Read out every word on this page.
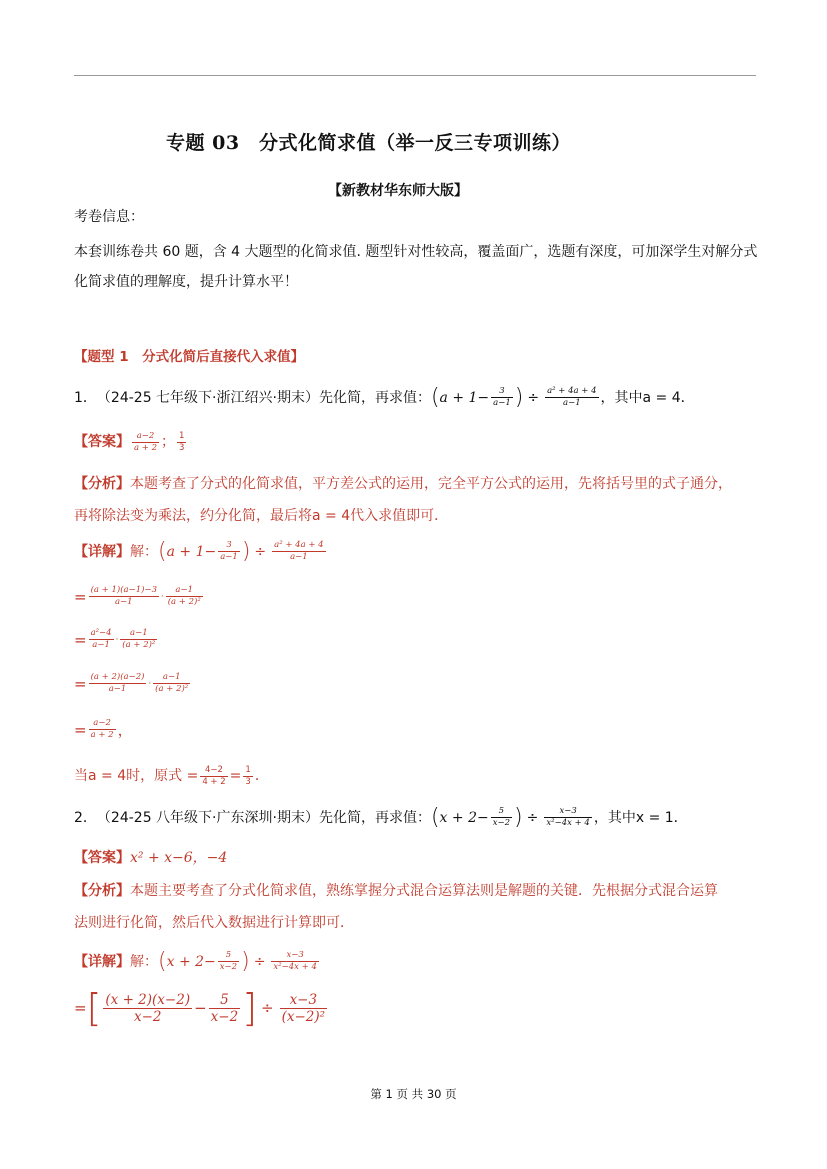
专题 03　分式化简求值（举一反三专项训练）
【新教材华东师大版】
考卷信息：
本套训练卷共 60 题，含 4 大题型的化简求值. 题型针对性较高，覆盖面广，选题有深度，可加深学生对解分式
化简求值的理解度，提升计算水平！
【题型 1　分式化简后直接代入求值】
1． （24-25 七年级下·浙江绍兴·期末）先化简，再求值： ( $a + 1- \frac{3}{a-1}$ ) ÷ $\frac{\text{a² + 4a + 4}}{a-1}$ ，其中a = 4．
【答案】 $\frac{a-2}{a + 2}$ ； $\frac{1}{3}$
【分析】本题考查了分式的化简求值，平方差公式的运用，完全平方公式的运用，先将括号里的式子通分，
再将除法变为乘法，约分化简，最后将a = 4代入求值即可．
【详解】 解： ( $a + 1- \frac{3}{a-1}$ ) ÷ $\frac{\text{a² + 4a + 4}}{a-1}$
= $\frac{(a + 1)(a-1)-3}{a-1} \cdot \frac{a-1}{\text{(a + 2)²}}$
= $\frac{\text{a²−4}}{a-1} \cdot \frac{a-1}{\text{(a + 2)²}}$
= $\frac{(a + 2)(a-2)}{a-1} \cdot \frac{a-1}{\text{(a + 2)²}}$
= $\frac{a-2}{a + 2}$ ，
当a = 4时，原式 = $\frac{4-2}{4 + 2} = \frac{1}{3}$ ．
2． （24-25 八年级下·广东深圳·期末）先化简，再求值： ( $x + 2- \frac{5}{x-2}$ ) ÷ $\frac{x-3}{\text{x²−4x + 4}}$ ，其中x = 1．
【答案】x² + x−6，−4
【分析】本题主要考查了分式化简求值，熟练掌握分式混合运算法则是解题的关键．先根据分式混合运算
法则进行化简，然后代入数据进行计算即可．
【详解】 解： ( $x + 2- \frac{5}{x-2}$ ) ÷ $\frac{x-3}{\text{x²−4x + 4}}$
= [ $\frac{(x + 2)(x-2)}{x-2} - \frac{5}{x-2}$ ] ÷ $\frac{x-3}{\text{(x−2)²}}$
第 1 页 共 30 页
